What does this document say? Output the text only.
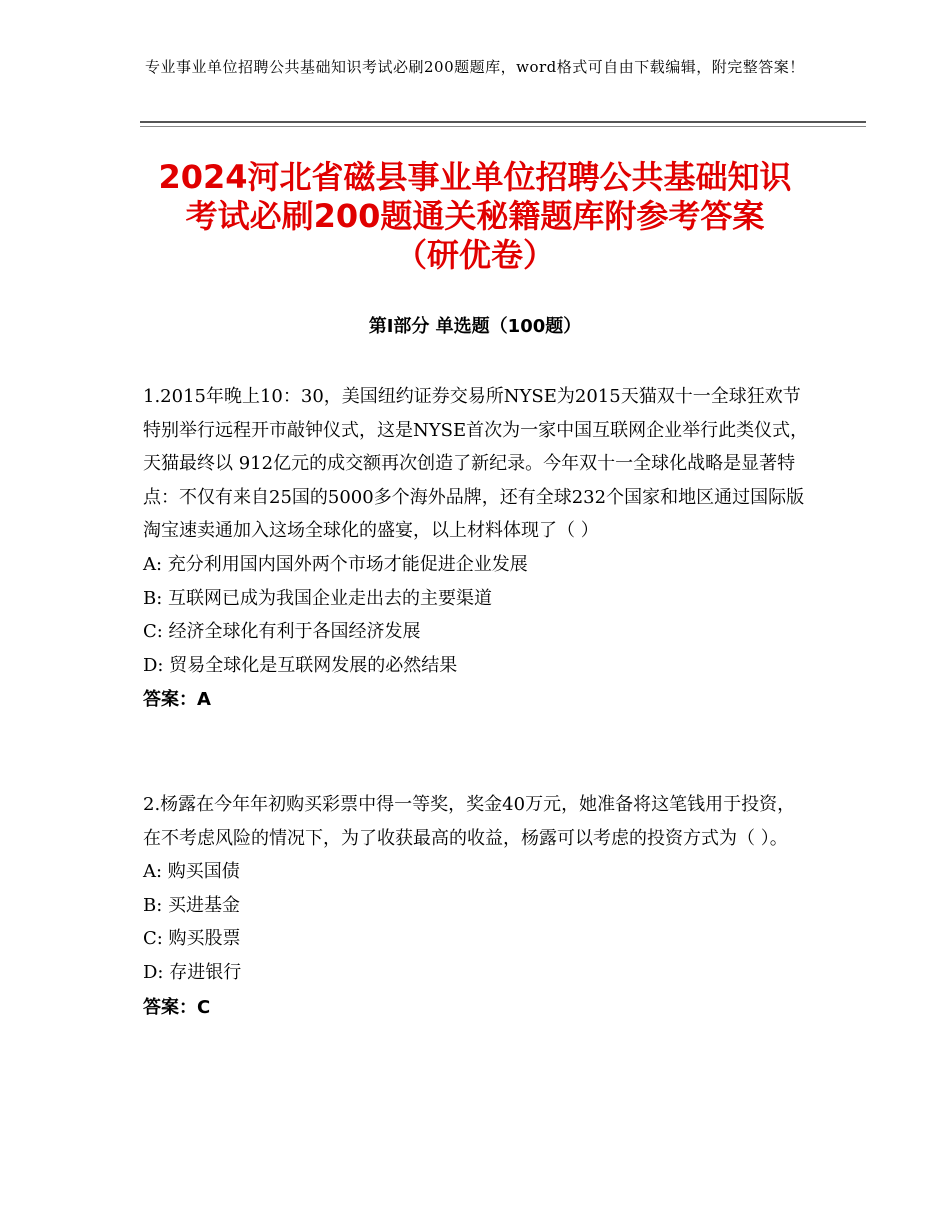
专业事业单位招聘公共基础知识考试必刷200题题库，word格式可自由下载编辑，附完整答案！
2024河北省磁县事业单位招聘公共基础知识
考试必刷200题通关秘籍题库附参考答案
（研优卷）
第Ⅰ部分 单选题（100题）

1.2015年晚上10：30，美国纽约证券交易所NYSE为2015天猫双十一全球狂欢节特别举行远程开市敲钟仪式，这是NYSE首次为一家中国互联网企业举行此类仪式，天猫最终以 912亿元的成交额再次创造了新纪录。今年双十一全球化战略是显著特点：不仅有来自25国的5000多个海外品牌，还有全球232个国家和地区通过国际版淘宝速卖通加入这场全球化的盛宴，以上材料体现了（ ）

A: 充分利用国内国外两个市场才能促进企业发展

B: 互联网已成为我国企业走出去的主要渠道

C: 经济全球化有利于各国经济发展

D: 贸易全球化是互联网发展的必然结果

答案：A

2.杨露在今年年初购买彩票中得一等奖，奖金40万元，她准备将这笔钱用于投资，在不考虑风险的情况下，为了收获最高的收益，杨露可以考虑的投资方式为（ ）。

A: 购买国债

B: 买进基金

C: 购买股票

D: 存进银行

答案：C
